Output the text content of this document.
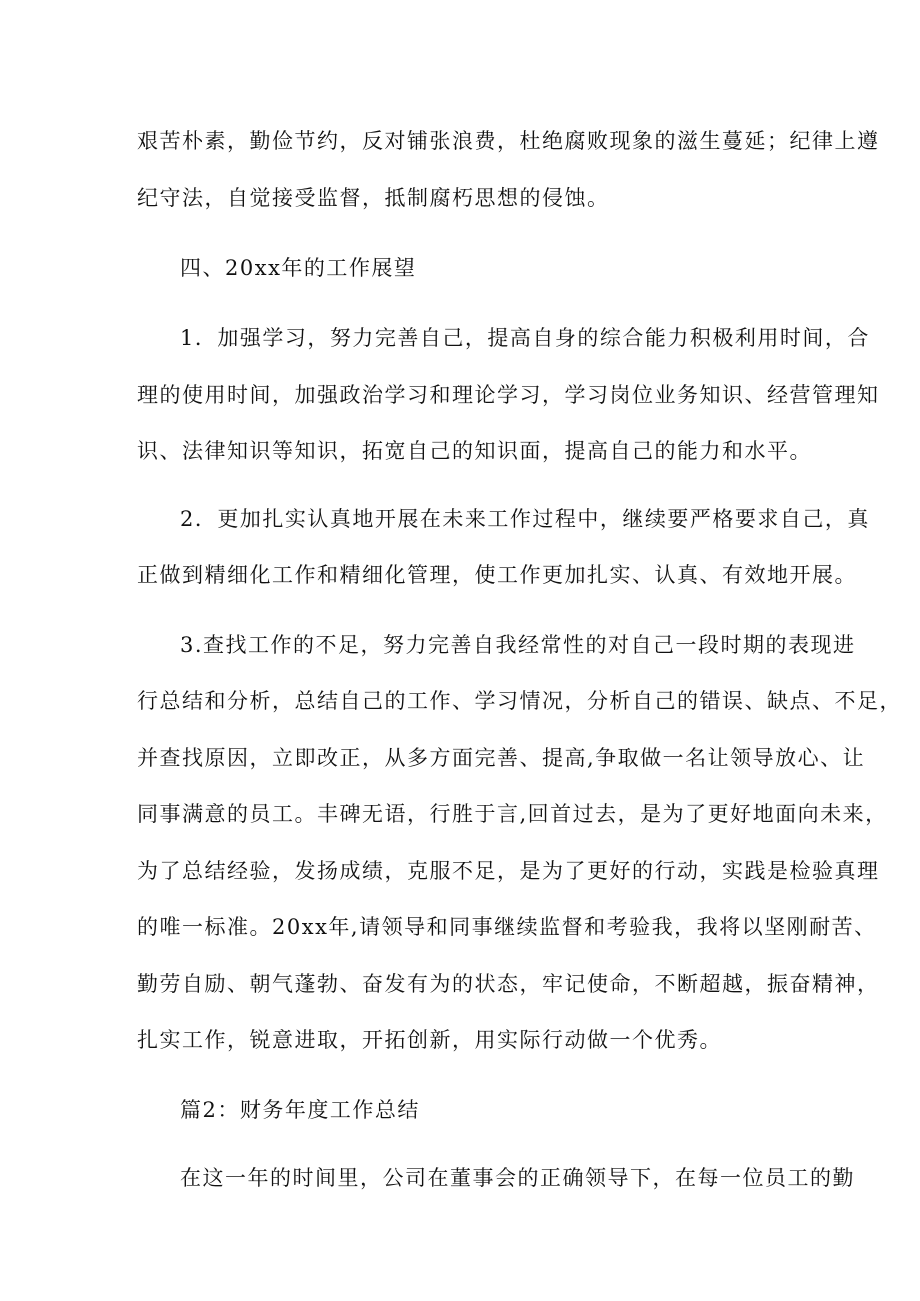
艰苦朴素，勤俭节约，反对铺张浪费，杜绝腐败现象的滋生蔓延；纪律上遵
纪守法，自觉接受监督，抵制腐朽思想的侵蚀。
四、20xx年的工作展望
1．加强学习，努力完善自己，提高自身的综合能力积极利用时间，合
理的使用时间，加强政治学习和理论学习，学习岗位业务知识、经营管理知
识、法律知识等知识，拓宽自己的知识面，提高自己的能力和水平。
2．更加扎实认真地开展在未来工作过程中，继续要严格要求自己，真
正做到精细化工作和精细化管理，使工作更加扎实、认真、有效地开展。
3.查找工作的不足，努力完善自我经常性的对自己一段时期的表现进
行总结和分析，总结自己的工作、学习情况，分析自己的错误、缺点、不足，
并查找原因，立即改正，从多方面完善、提高,争取做一名让领导放心、让
同事满意的员工。丰碑无语，行胜于言,回首过去，是为了更好地面向未来，
为了总结经验，发扬成绩，克服不足，是为了更好的行动，实践是检验真理
的唯一标准。20xx年,请领导和同事继续监督和考验我，我将以坚刚耐苦、
勤劳自励、朝气蓬勃、奋发有为的状态，牢记使命，不断超越，振奋精神，
扎实工作，锐意进取，开拓创新，用实际行动做一个优秀。
篇2：财务年度工作总结
在这一年的时间里，公司在董事会的正确领导下，在每一位员工的勤
